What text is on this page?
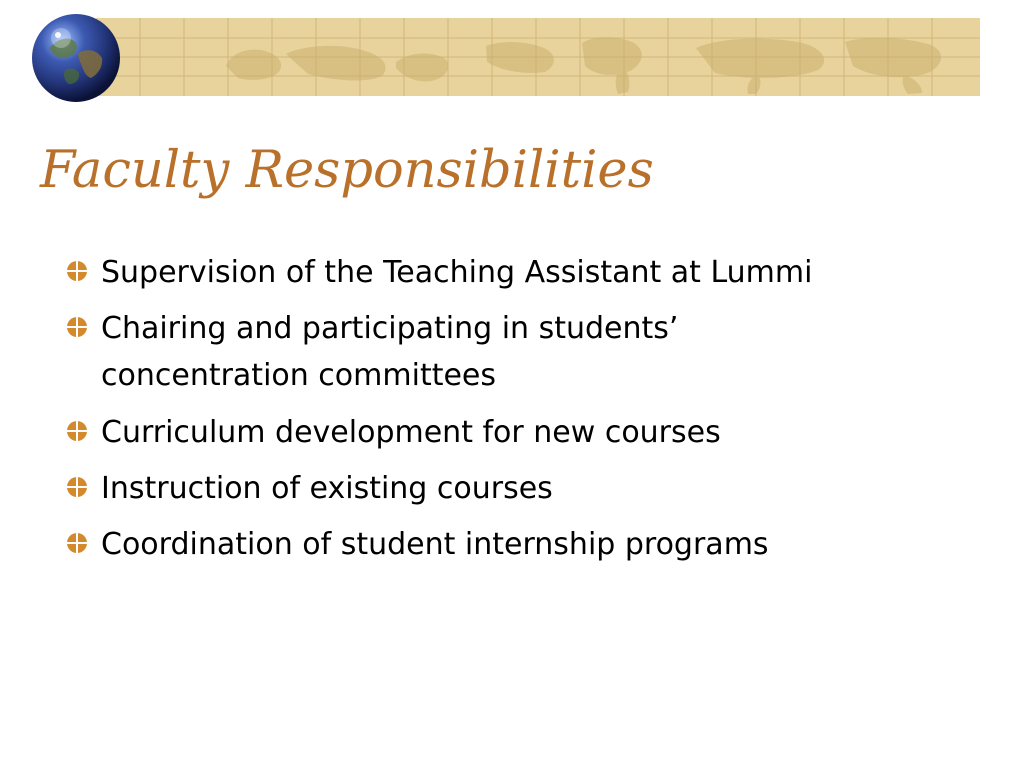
Faculty Responsibilities
Supervision of the Teaching Assistant at Lummi
Chairing and participating in students’
concentration committees
Curriculum development for new courses
Instruction of existing courses
Coordination of student internship programs
